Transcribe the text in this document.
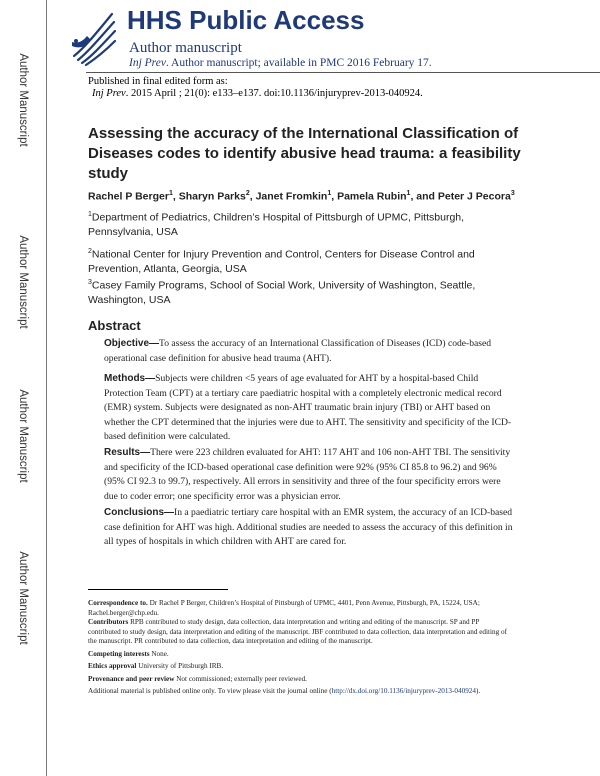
Author Manuscript
Author Manuscript
Author Manuscript
Author Manuscript
HHS Public Access
Author manuscript
Inj Prev. Author manuscript; available in PMC 2016 February 17.
Published in final edited form as:
Inj Prev. 2015 April ; 21(0): e133–e137. doi:10.1136/injuryprev-2013-040924.
Assessing the accuracy of the International Classification of Diseases codes to identify abusive head trauma: a feasibility study
Rachel P Berger$^1$, Sharyn Parks$^2$, Janet Fromkin$^1$, Pamela Rubin$^1$, and Peter J Pecora$^3$
$^1$Department of Pediatrics, Children’s Hospital of Pittsburgh of UPMC, Pittsburgh, Pennsylvania, USA
$^2$National Center for Injury Prevention and Control, Centers for Disease Control and Prevention, Atlanta, Georgia, USA
$^3$Casey Family Programs, School of Social Work, University of Washington, Seattle, Washington, USA
Abstract
Objective—To assess the accuracy of an International Classification of Diseases (ICD) code-based operational case definition for abusive head trauma (AHT).
Methods—Subjects were children <5 years of age evaluated for AHT by a hospital-based Child Protection Team (CPT) at a tertiary care paediatric hospital with a completely electronic medical record (EMR) system. Subjects were designated as non-AHT traumatic brain injury (TBI) or AHT based on whether the CPT determined that the injuries were due to AHT. The sensitivity and specificity of the ICD-based definition were calculated.
Results—There were 223 children evaluated for AHT: 117 AHT and 106 non-AHT TBI. The sensitivity and specificity of the ICD-based operational case definition were 92% (95% CI 85.8 to 96.2) and 96% (95% CI 92.3 to 99.7), respectively. All errors in sensitivity and three of the four specificity errors were due to coder error; one specificity error was a physician error.
Conclusions—In a paediatric tertiary care hospital with an EMR system, the accuracy of an ICD-based case definition for AHT was high. Additional studies are needed to assess the accuracy of this definition in all types of hospitals in which children with AHT are cared for.
Correspondence to. Dr Rachel P Berger, Children’s Hospital of Pittsburgh of UPMC, 4401, Penn Avenue, Pittsburgh, PA, 15224, USA; Rachel.berger@chp.edu.
Contributors RPB contributed to study design, data collection, data interpretation and writing and editing of the manuscript. SP and PP contributed to study design, data interpretation and editing of the manuscript. JBF contributed to data collection, data interpretation and editing of the manuscript. PR contributed to data collection, data interpretation and editing of the manuscript.
Competing interests None.
Ethics approval University of Pittsburgh IRB.
Provenance and peer review Not commissioned; externally peer reviewed.
Additional material is published online only. To view please visit the journal online (http://dx.doi.org/10.1136/injuryprev-2013-040924).
